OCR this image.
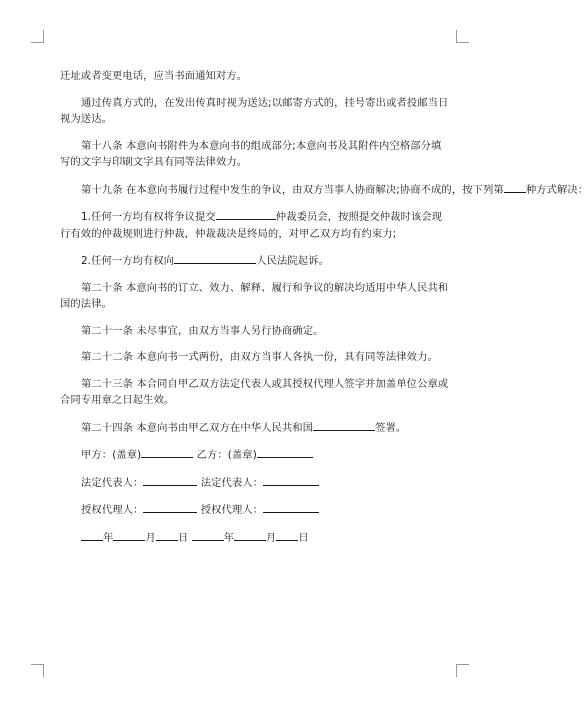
迁址或者变更电话，应当书面通知对方。
通过传真方式的，在发出传真时视为送达;以邮寄方式的，挂号寄出或者投邮当日
视为送达。
第十八条 本意向书附件为本意向书的组成部分;本意向书及其附件内空格部分填
写的文字与印刷文字具有同等法律效力。
第十九条 在本意向书履行过程中发生的争议，由双方当事人协商解决;协商不成的，按下列第 种方式解决：
1.任何一方均有权将争议提交	仲裁委员会，按照提交仲裁时该会现
行有效的仲裁规则进行仲裁，仲裁裁决是终局的，对甲乙双方均有约束力;
2.任何一方均有权向	人民法院起诉。
第二十条 本意向书的订立、效力、解释、履行和争议的解决均适用中华人民共和
国的法律。
第二十一条 未尽事宜，由双方当事人另行协商确定。
第二十二条 本意向书一式两份，由双方当事人各执一份，具有同等法律效力。
第二十三条 本合同自甲乙双方法定代表人或其授权代理人签字并加盖单位公章或
合同专用章之日起生效。
第二十四条 本意向书由甲乙双方在中华人民共和国	签署。
甲方：(盖章)	乙方：(盖章)
法定代表人：	法定代表人：
授权代理人：	授权代理人：
年	月 日	年	月 日
